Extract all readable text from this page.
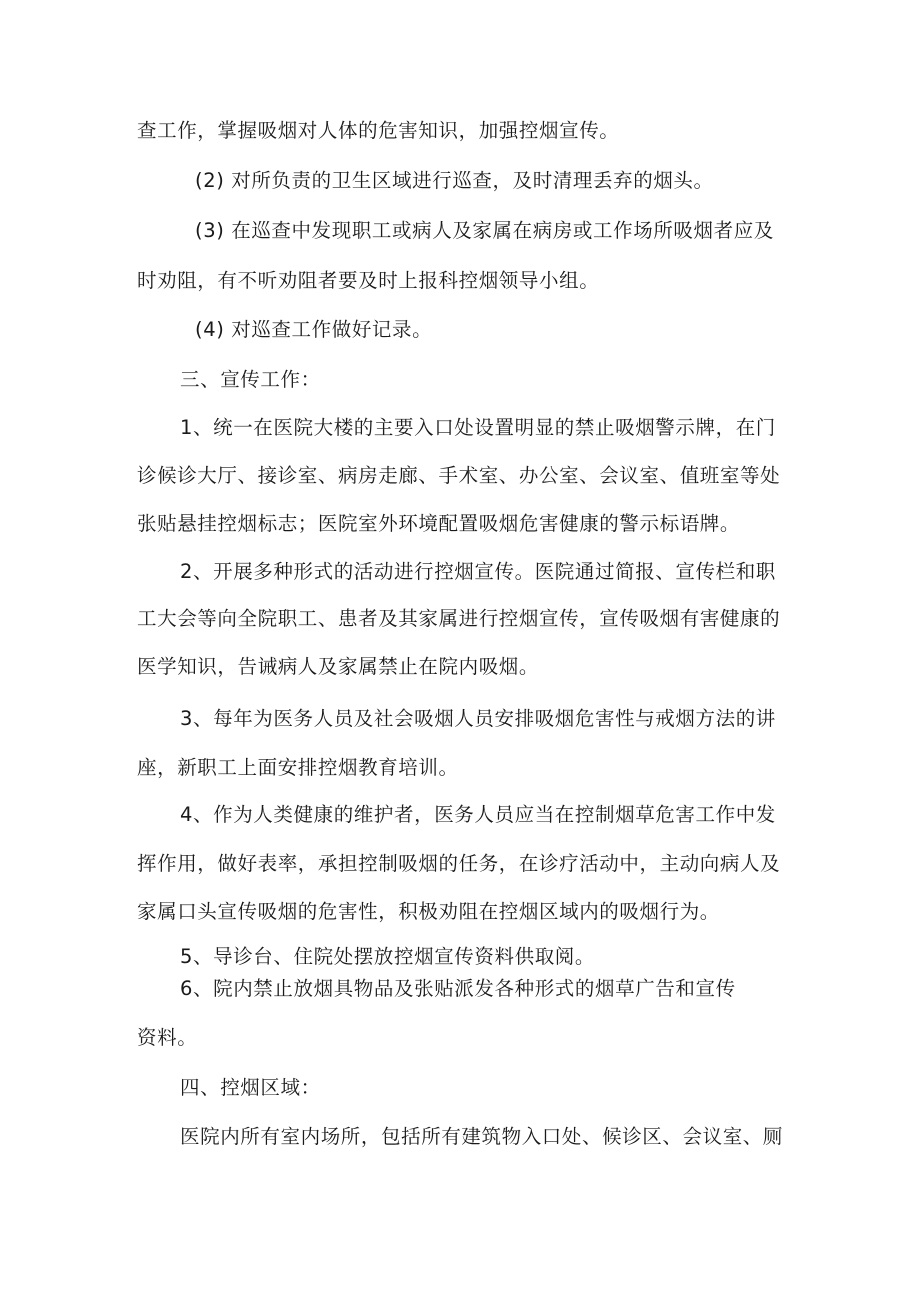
查工作，掌握吸烟对人体的危害知识，加强控烟宣传。
(2) 对所负责的卫生区域进行巡查，及时清理丢弃的烟头。
(3) 在巡查中发现职工或病人及家属在病房或工作场所吸烟者应及
时劝阻，有不听劝阻者要及时上报科控烟领导小组。
(4) 对巡查工作做好记录。
三、宣传工作：
1、统一在医院大楼的主要入口处设置明显的禁止吸烟警示牌，在门
诊候诊大厅、接诊室、病房走廊、手术室、办公室、会议室、值班室等处
张贴悬挂控烟标志；医院室外环境配置吸烟危害健康的警示标语牌。
2、开展多种形式的活动进行控烟宣传。医院通过简报、宣传栏和职
工大会等向全院职工、患者及其家属进行控烟宣传，宣传吸烟有害健康的
医学知识，告诫病人及家属禁止在院内吸烟。
3、每年为医务人员及社会吸烟人员安排吸烟危害性与戒烟方法的讲
座，新职工上面安排控烟教育培训。
4、作为人类健康的维护者，医务人员应当在控制烟草危害工作中发
挥作用，做好表率，承担控制吸烟的任务，在诊疗活动中，主动向病人及
家属口头宣传吸烟的危害性，积极劝阻在控烟区域内的吸烟行为。
5、导诊台、住院处摆放控烟宣传资料供取阅。
6、院内禁止放烟具物品及张贴派发各种形式的烟草广告和宣传
资料。
四、控烟区域：
医院内所有室内场所，包括所有建筑物入口处、候诊区、会议室、厕
